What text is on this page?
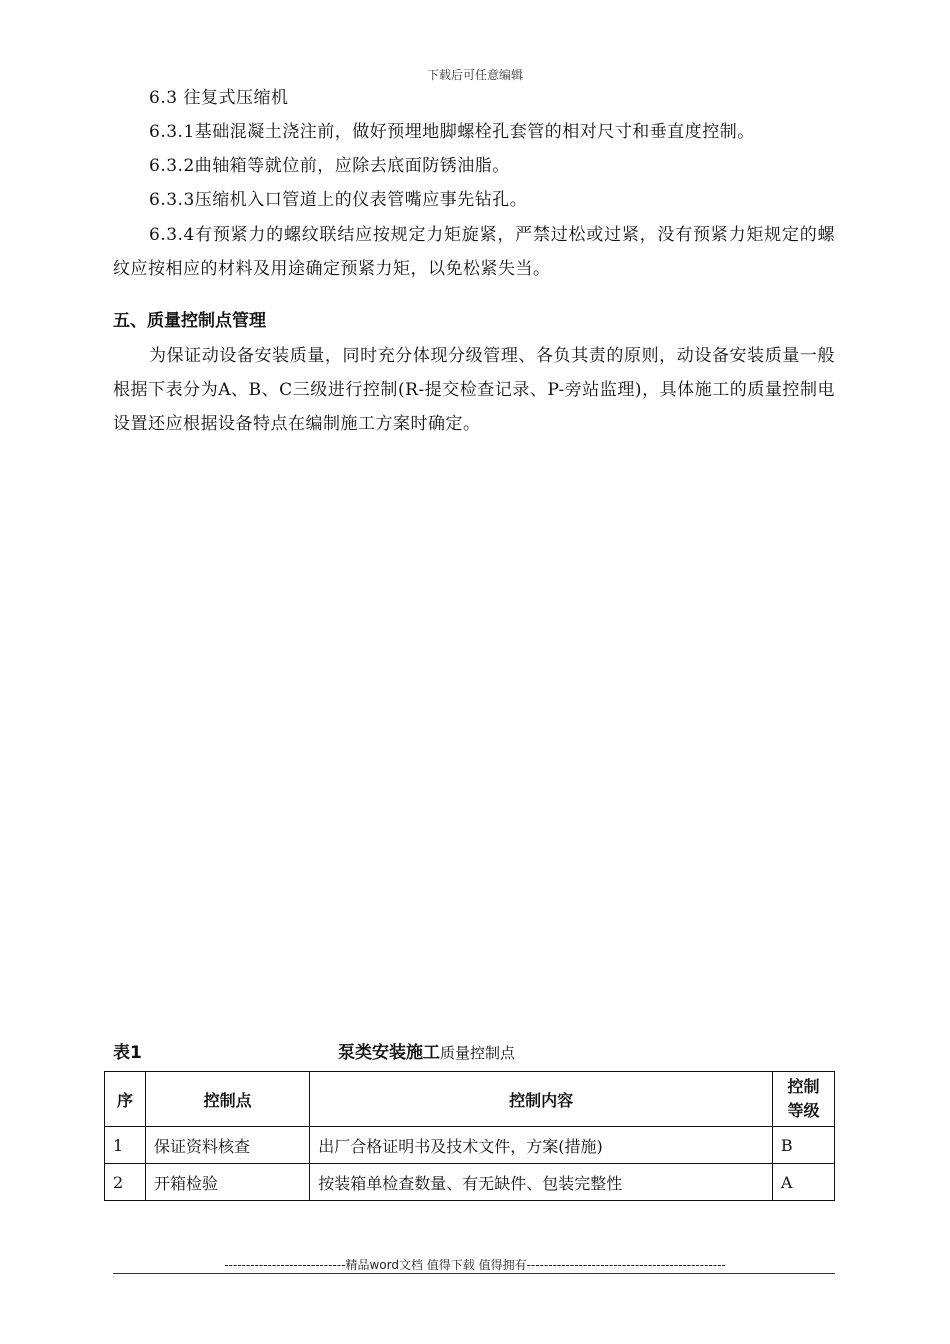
下载后可任意编辑
6.3 往复式压缩机
6.3.1基础混凝土浇注前，做好预埋地脚螺栓孔套管的相对尺寸和垂直度控制。
6.3.2曲轴箱等就位前，应除去底面防锈油脂。
6.3.3压缩机入口管道上的仪表管嘴应事先钻孔。
6.3.4有预紧力的螺纹联结应按规定力矩旋紧，严禁过松或过紧，没有预紧力矩规定的螺纹应按相应的材料及用途确定预紧力矩，以免松紧失当。
五、质量控制点管理
为保证动设备安装质量，同时充分体现分级管理、各负其责的原则，动设备安装质量一般根据下表分为A、B、C三级进行控制(R-提交检查记录、P-旁站监理)，具体施工的质量控制电设置还应根据设备特点在编制施工方案时确定。
表1	泵类安装施工质量控制点
序	控制点	控制内容	控制
等级

1	保证资料核查	出厂合格证明书及技术文件，方案(措施)	B
2	开箱检验	按装箱单检查数量、有无缺件、包装完整性	A
----------------------------精品word文档 值得下载 值得拥有----------------------------------------------
